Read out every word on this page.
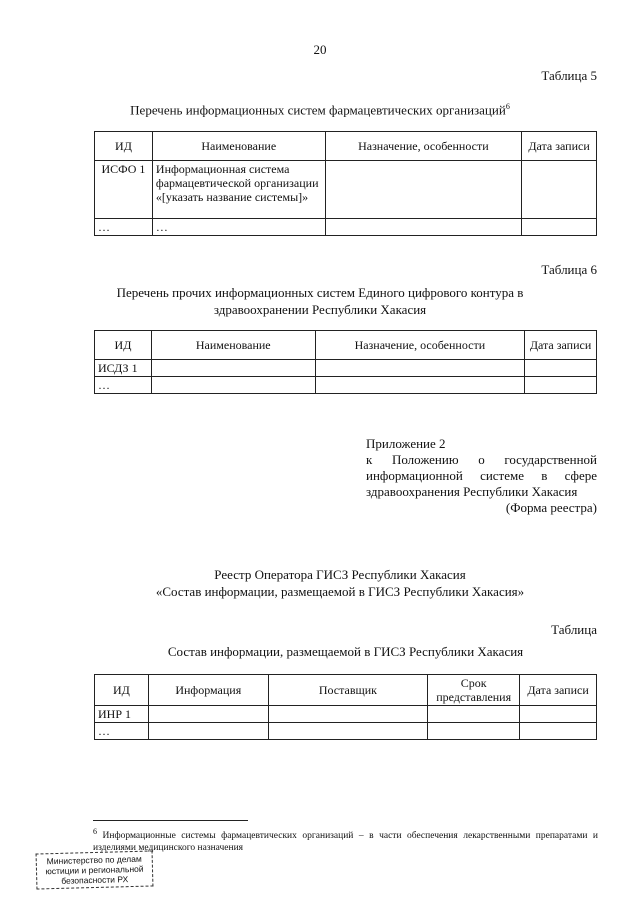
20
Таблица 5
Перечень информационных систем фармацевтических организаций$^6$
ИД	Наименование	Назначение, особенности	Дата записи
ИСФО 1	Информационная система фармацевтической организации «[указать название системы]»		
…	…		
Таблица 6
Перечень прочих информационных систем Единого цифрового контура в
здравоохранении Республики Хакасия
ИД	Наименование	Назначение, особенности	Дата записи
ИСДЗ 1			
…			
Приложение 2
к Положению о государственной информационной системе в сфере здравоохранения Республики Хакасия
(Форма реестра)
Реестр Оператора ГИСЗ Республики Хакасия
«Состав информации, размещаемой в ГИСЗ Республики Хакасия»
Таблица
Состав информации, размещаемой в ГИСЗ Республики Хакасия
ИД	Информация	Поставщик	Срок представления	Дата записи
ИНР 1				
…				
$^6$ Информационные системы фармацевтических организаций – в части обеспечения лекарственными препаратами и изделиями медицинского назначения
Министерство по делам
юстиции и региональной
безопасности РХ
